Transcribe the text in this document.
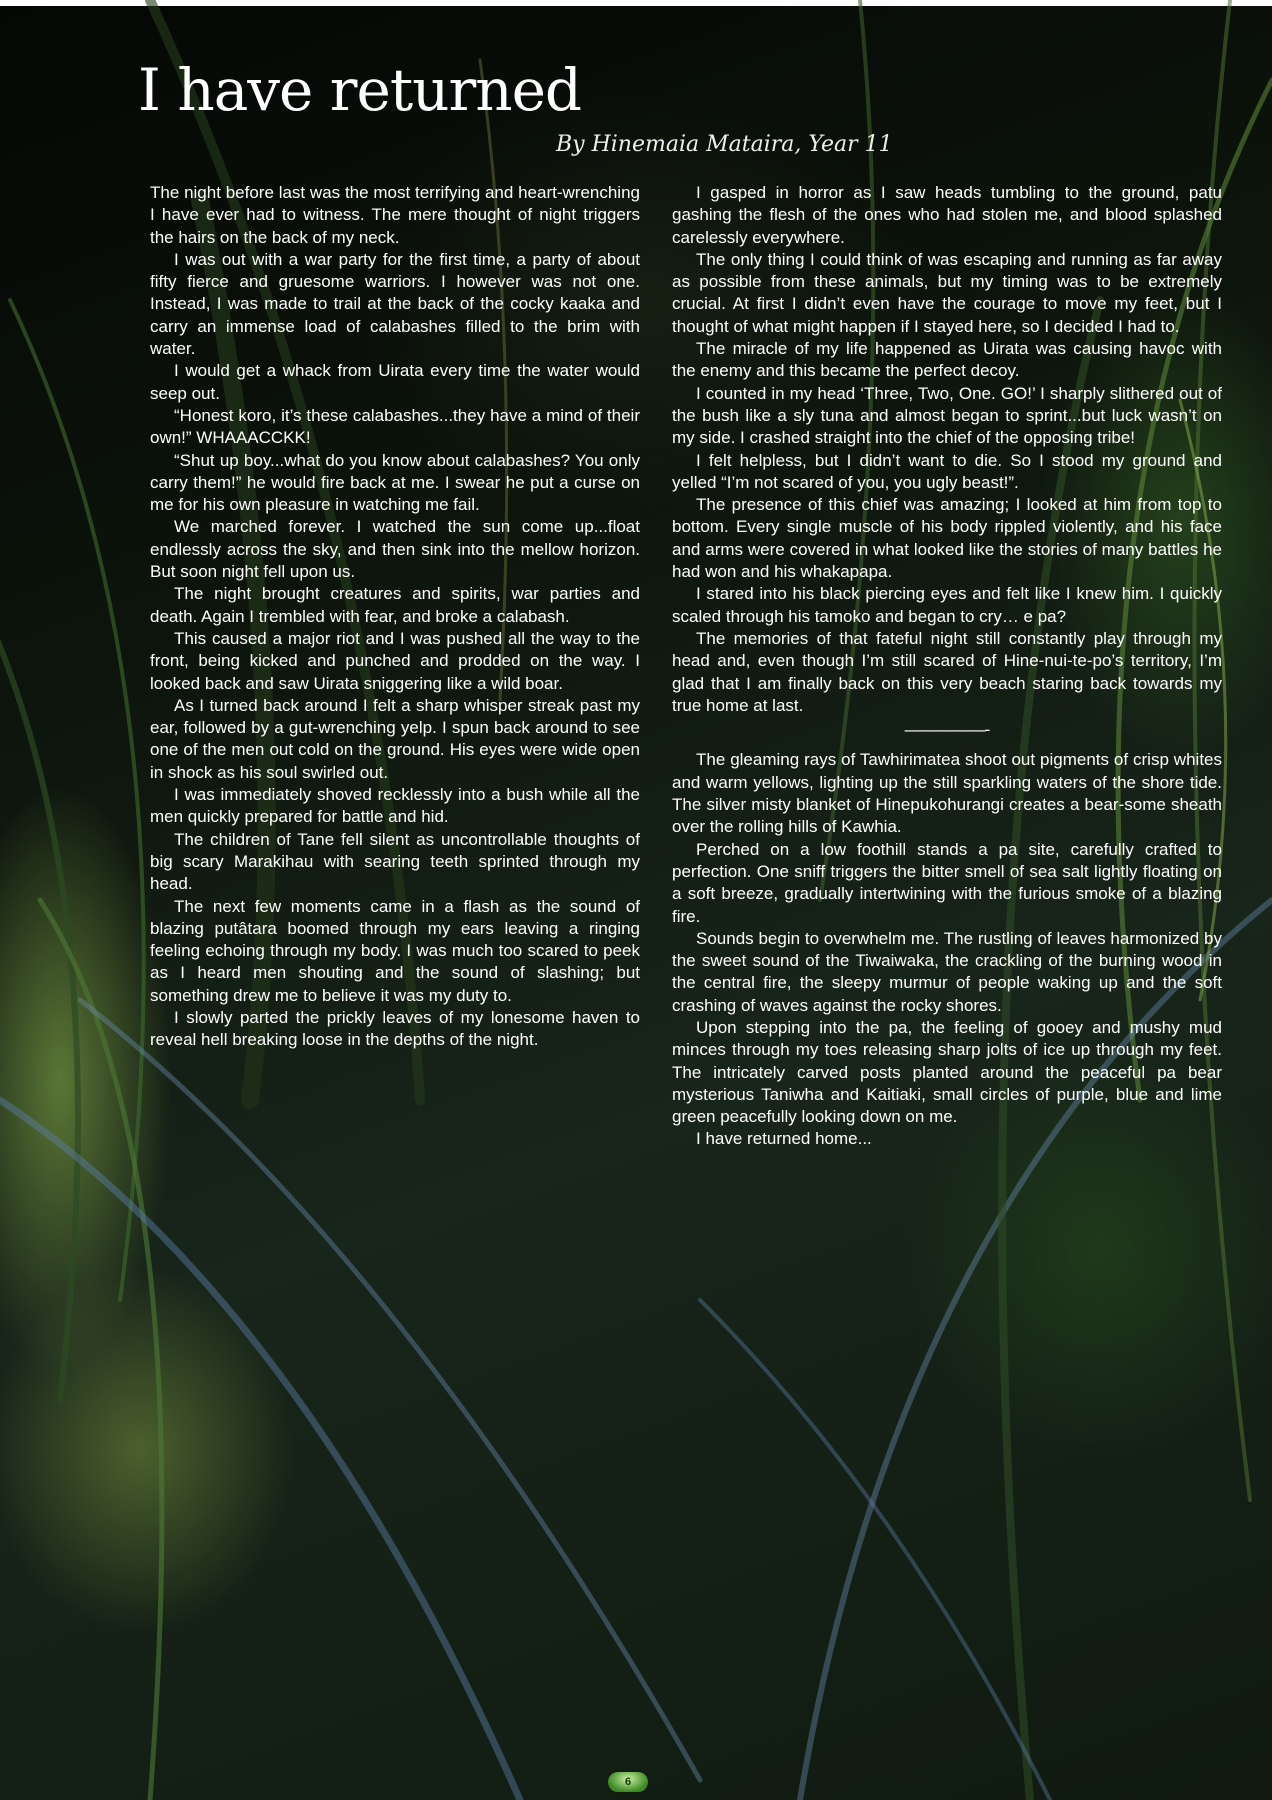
I have returned
By Hinemaia Mataira, Year 11

The night before last was the most terrifying and heart-wrenching I have ever had to witness. The mere thought of night triggers the hairs on the back of my neck.

I was out with a war party for the first time, a party of about fifty fierce and gruesome warriors. I however was not one. Instead, I was made to trail at the back of the cocky kaaka and carry an immense load of calabashes filled to the brim with water.

I would get a whack from Uirata every time the water would seep out.

“Honest koro, it’s these calabashes...they have a mind of their own!” WHAAACCKK!

“Shut up boy...what do you know about calabashes? You only carry them!” he would fire back at me. I swear he put a curse on me for his own pleasure in watching me fail.

We marched forever. I watched the sun come up...float endlessly across the sky, and then sink into the mellow horizon. But soon night fell upon us.

The night brought creatures and spirits, war parties and death. Again I trembled with fear, and broke a calabash.

This caused a major riot and I was pushed all the way to the front, being kicked and punched and prodded on the way. I looked back and saw Uirata sniggering like a wild boar.

As I turned back around I felt a sharp whisper streak past my ear, followed by a gut-wrenching yelp. I spun back around to see one of the men out cold on the ground. His eyes were wide open in shock as his soul swirled out.

I was immediately shoved recklessly into a bush while all the men quickly prepared for battle and hid.

The children of Tane fell silent as uncontrollable thoughts of big scary Marakihau with searing teeth sprinted through my head.

The next few moments came in a flash as the sound of blazing putâtara boomed through my ears leaving a ringing feeling echoing through my body. I was much too scared to peek as I heard men shouting and the sound of slashing; but something drew me to believe it was my duty to.

I slowly parted the prickly leaves of my lonesome haven to reveal hell breaking loose in the depths of the night.

I gasped in horror as I saw heads tumbling to the ground, patu gashing the flesh of the ones who had stolen me, and blood splashed carelessly everywhere.

The only thing I could think of was escaping and running as far away as possible from these animals, but my timing was to be extremely crucial. At first I didn’t even have the courage to move my feet, but I thought of what might happen if I stayed here, so I decided I had to.

The miracle of my life happened as Uirata was causing havoc with the enemy and this became the perfect decoy.

I counted in my head ‘Three, Two, One. GO!’ I sharply slithered out of the bush like a sly tuna and almost began to sprint...but luck wasn’t on my side. I crashed straight into the chief of the opposing tribe!

I felt helpless, but I didn’t want to die. So I stood my ground and yelled “I’m not scared of you, you ugly beast!”.

The presence of this chief was amazing; I looked at him from top to bottom. Every single muscle of his body rippled violently, and his face and arms were covered in what looked like the stories of many battles he had won and his whakapapa.

I stared into his black piercing eyes and felt like I knew him. I quickly scaled through his tamoko and began to cry… e pa?

The memories of that fateful night still constantly play through my head and, even though I’m still scared of Hine-nui-te-po’s territory, I’m glad that I am finally back on this very beach staring back towards my true home at last.

—————-

The gleaming rays of Tawhirimatea shoot out pigments of crisp whites and warm yellows, lighting up the still sparkling waters of the shore tide. The silver misty blanket of Hinepukohurangi creates a bear-some sheath over the rolling hills of Kawhia.

Perched on a low foothill stands a pa site, carefully crafted to perfection. One sniff triggers the bitter smell of sea salt lightly floating on a soft breeze, gradually intertwining with the furious smoke of a blazing fire.

Sounds begin to overwhelm me. The rustling of leaves harmonized by the sweet sound of the Tiwaiwaka, the crackling of the burning wood in the central fire, the sleepy murmur of people waking up and the soft crashing of waves against the rocky shores.

Upon stepping into the pa, the feeling of gooey and mushy mud minces through my toes releasing sharp jolts of ice up through my feet. The intricately carved posts planted around the peaceful pa bear mysterious Taniwha and Kaitiaki, small circles of purple, blue and lime green peacefully looking down on me.

I have returned home...

6
